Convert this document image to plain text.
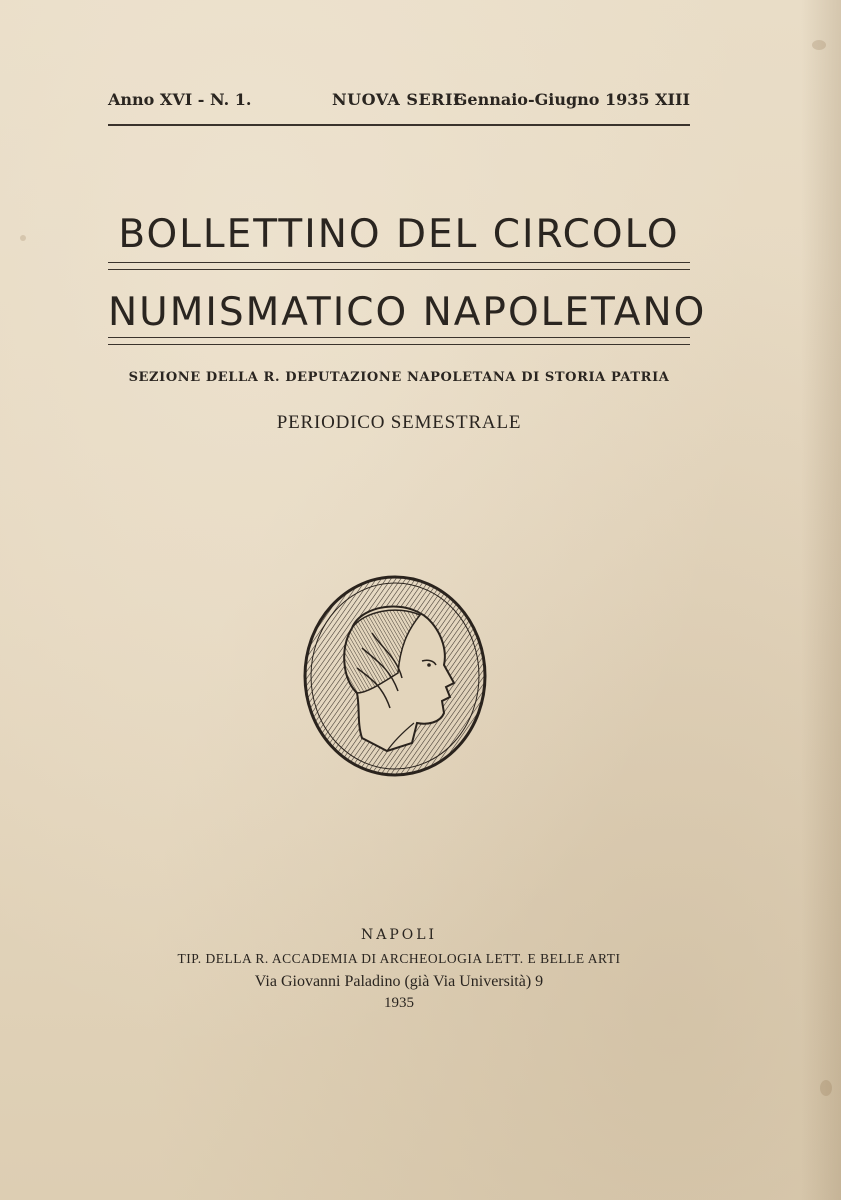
Anno XVI - N. 1.	NUOVA SERIE
Gennaio-Giugno 1935 XIII
BOLLETTINO DEL CIRCOLO
NUMISMATICO NAPOLETANO
SEZIONE DELLA R. DEPUTAZIONE NAPOLETANA DI STORIA PATRIA
PERIODICO SEMESTRALE
NAPOLI
TIP. DELLA R. ACCADEMIA DI ARCHEOLOGIA LETT. E BELLE ARTI
Via Giovanni Paladino (già Via Università) 9
1935
